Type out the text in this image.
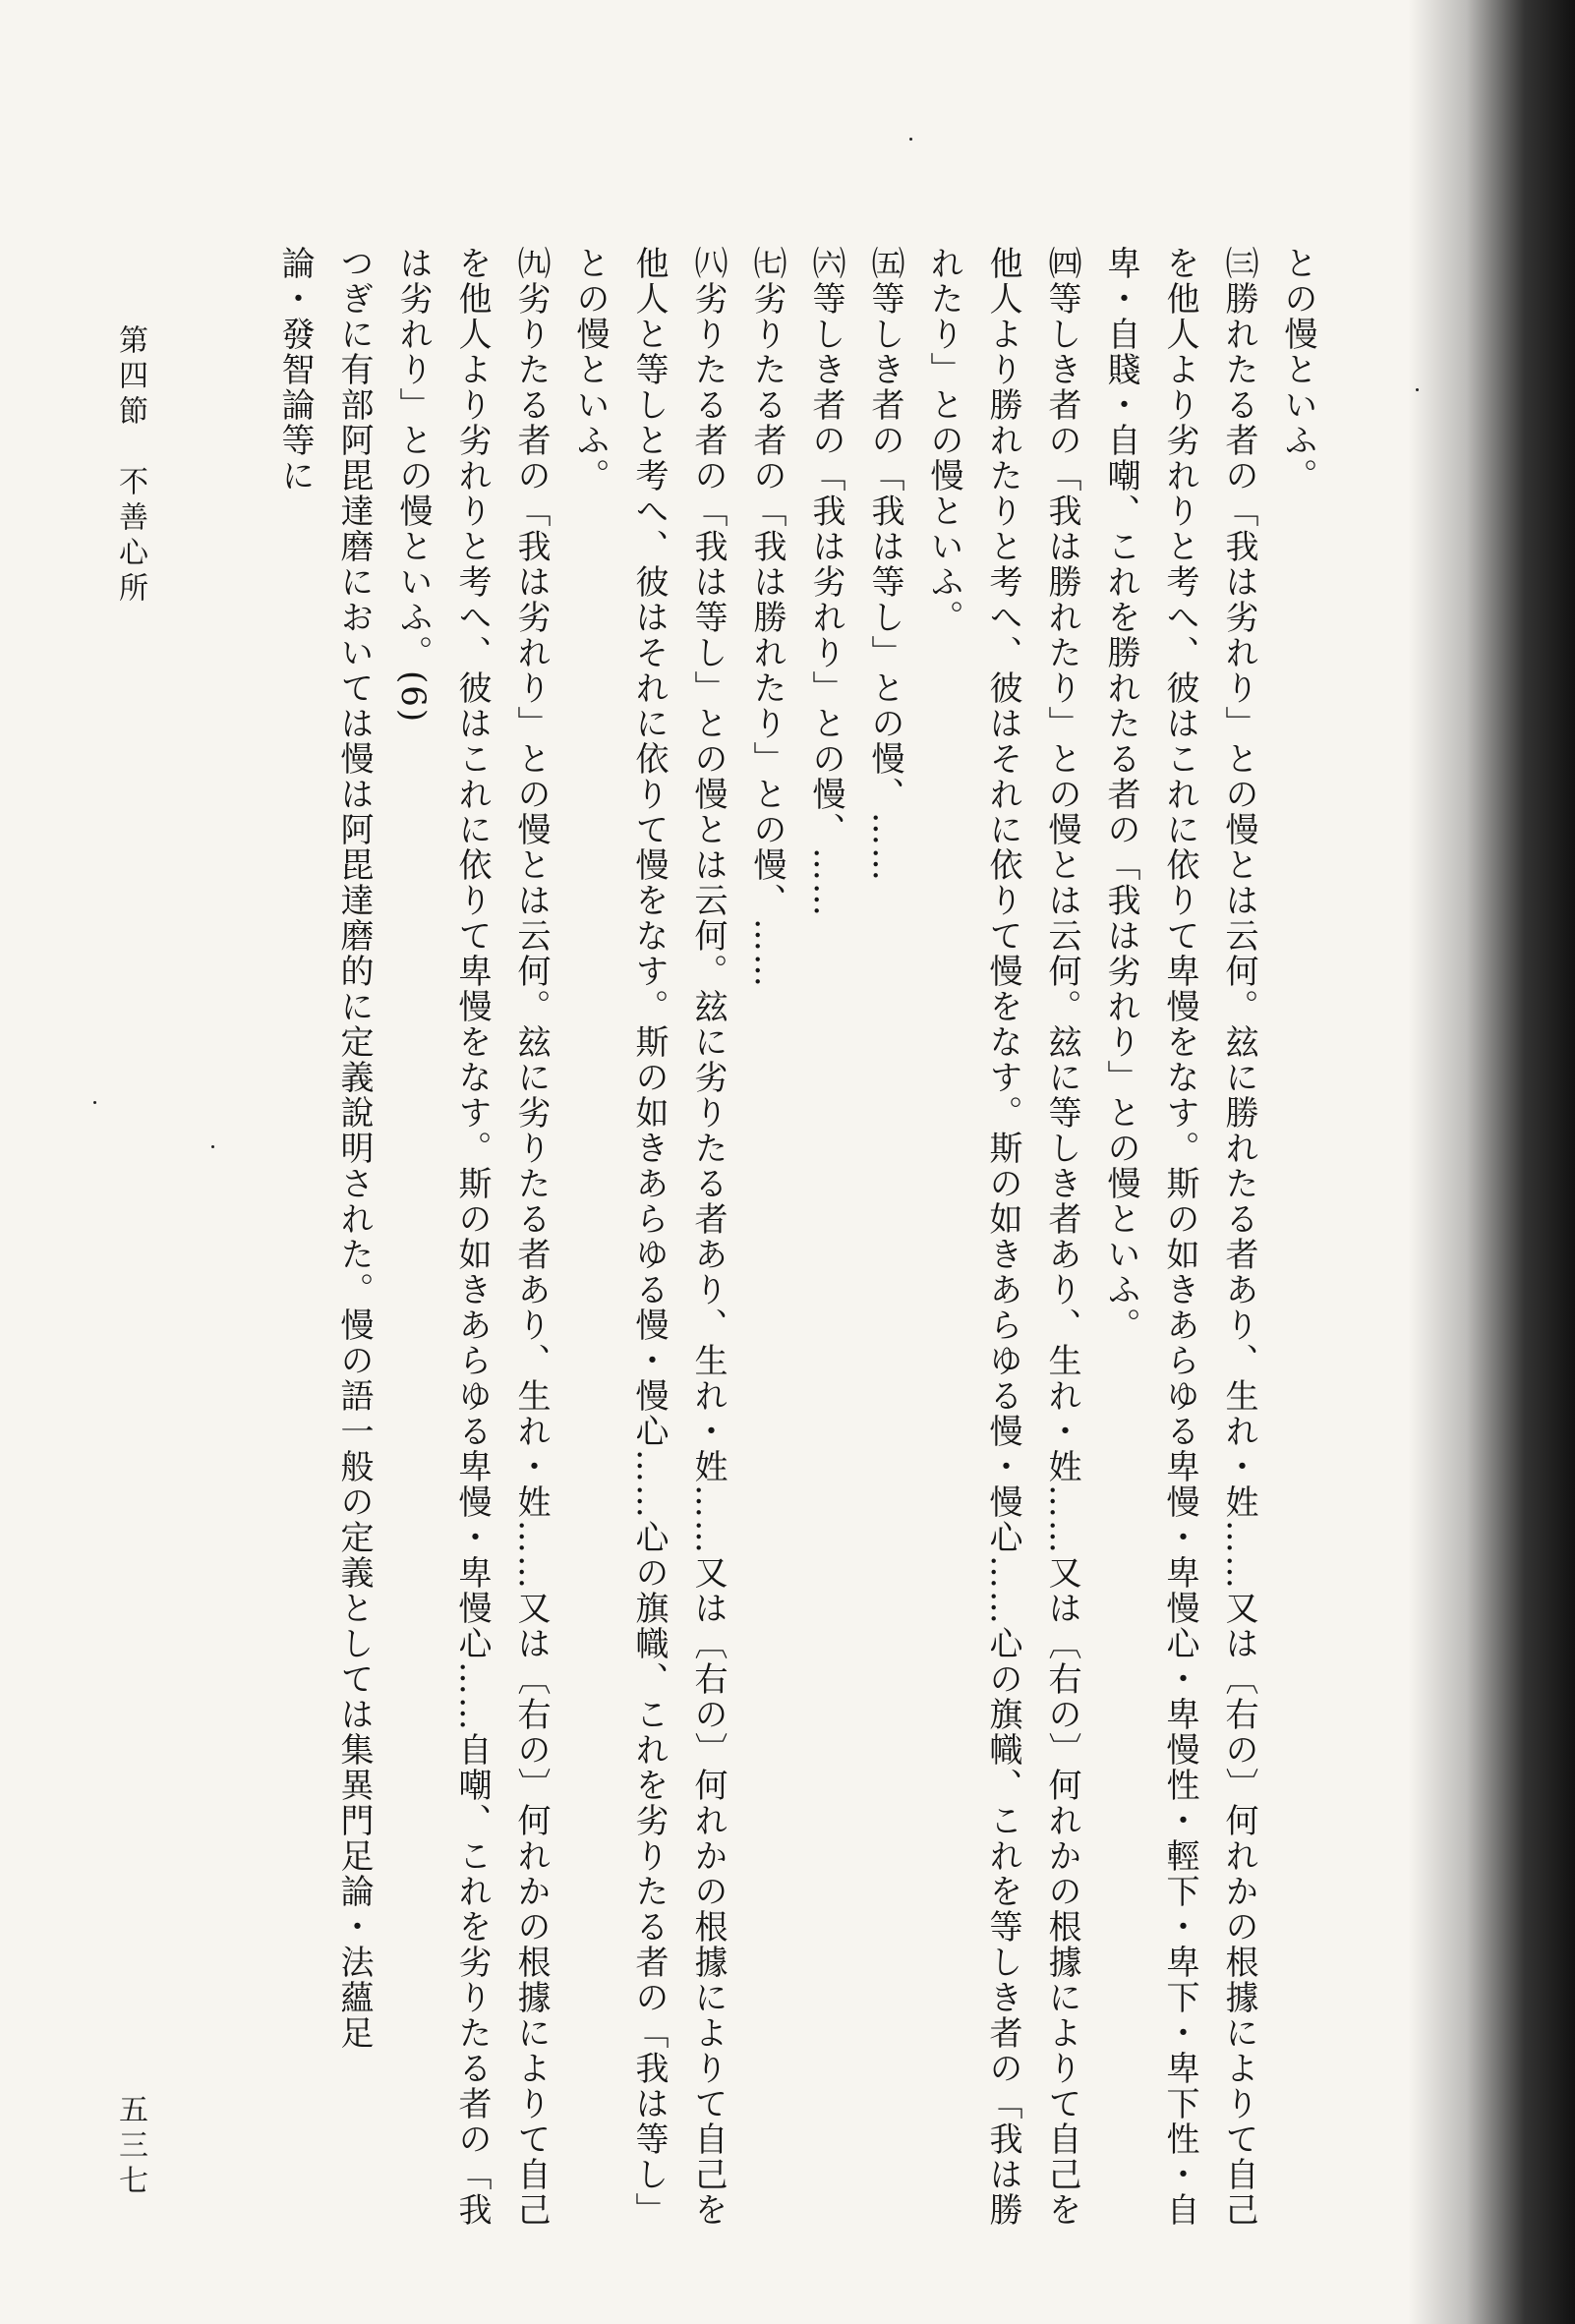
との慢といふ。
㈢勝れたる者の「我は劣れり」との慢とは云何。玆に勝れたる者あり、生れ・姓……又は〔右の〕何れかの根據によりて自己
を他人より劣れりと考へ、彼はこれに依りて卑慢をなす。斯の如きあらゆる卑慢・卑慢心・卑慢性・輕下・卑下・卑下性・自
卑・自賤・自嘲、これを勝れたる者の「我は劣れり」との慢といふ。
㈣等しき者の「我は勝れたり」との慢とは云何。玆に等しき者あり、生れ・姓……又は〔右の〕何れかの根據によりて自己を
他人より勝れたりと考へ、彼はそれに依りて慢をなす。斯の如きあらゆる慢・慢心……心の旗幟、これを等しき者の「我は勝
れたり」との慢といふ。
㈤等しき者の「我は等し」との慢、……
㈥等しき者の「我は劣れり」との慢、……
㈦劣りたる者の「我は勝れたり」との慢、……
㈧劣りたる者の「我は等し」との慢とは云何。玆に劣りたる者あり、生れ・姓……又は〔右の〕何れかの根據によりて自己を
他人と等しと考へ、彼はそれに依りて慢をなす。斯の如きあらゆる慢・慢心……心の旗幟、これを劣りたる者の「我は等し」
との慢といふ。
㈨劣りたる者の「我は劣れり」との慢とは云何。玆に劣りたる者あり、生れ・姓……又は〔右の〕何れかの根據によりて自己
を他人より劣れりと考へ、彼はこれに依りて卑慢をなす。斯の如きあらゆる卑慢・卑慢心……自嘲、これを劣りたる者の「我
は劣れり」との慢といふ。(6)
つぎに有部阿毘達磨においては慢は阿毘達磨的に定義說明された。慢の語一般の定義としては集異門足論・法蘊足
論・發智論等に
第四節　不善心所
五三七
